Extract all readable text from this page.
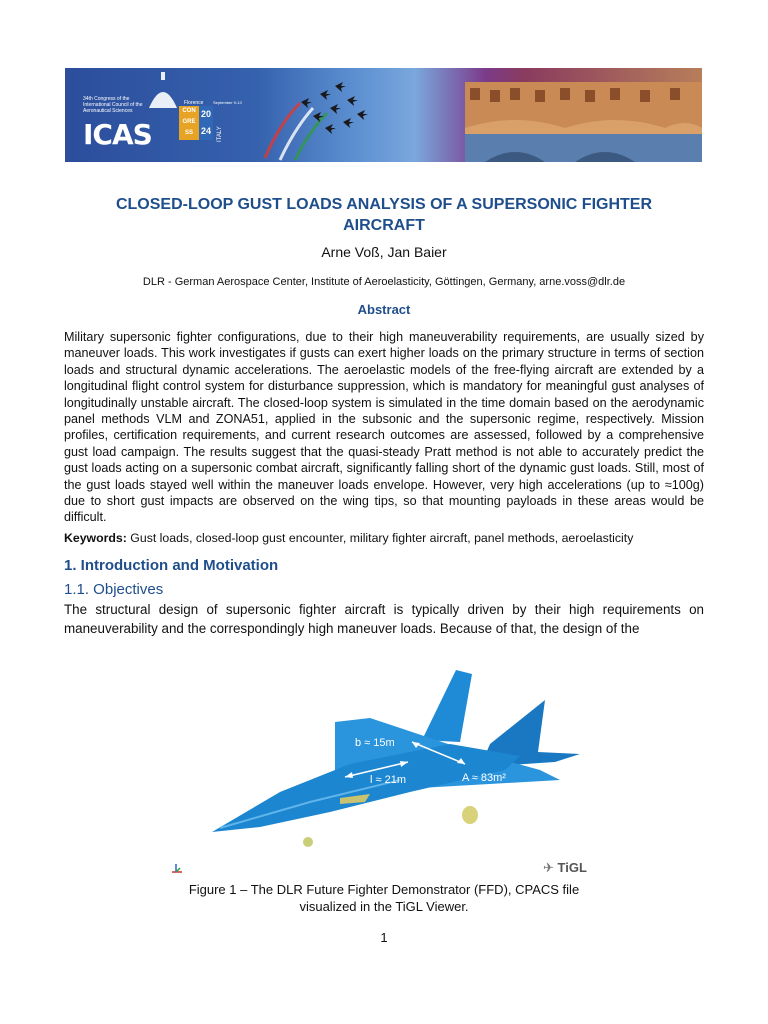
34th Congress of the International Council of the Aeronautical Sciences
ICAS
Florence September 9-13
CON
GRE
SS
20
24	ITALY
CLOSED-LOOP GUST LOADS ANALYSIS OF A SUPERSONIC FIGHTER
AIRCRAFT
Arne Voß, Jan Baier
DLR - German Aerospace Center, Institute of Aeroelasticity, Göttingen, Germany, arne.voss@dlr.de
Abstract
Military supersonic fighter configurations, due to their high maneuverability requirements, are usually sized by maneuver loads. This work investigates if gusts can exert higher loads on the primary structure in terms of section loads and structural dynamic accelerations. The aeroelastic models of the free-flying aircraft are extended by a longitudinal flight control system for disturbance suppression, which is mandatory for meaningful gust analyses of longitudinally unstable aircraft. The closed-loop system is simulated in the time domain based on the aerodynamic panel methods VLM and ZONA51, applied in the subsonic and the supersonic regime, respectively. Mission profiles, certification requirements, and current research outcomes are assessed, followed by a comprehensive gust load campaign. The results suggest that the quasi-steady Pratt method is not able to accurately predict the gust loads acting on a supersonic combat aircraft, significantly falling short of the dynamic gust loads. Still, most of the gust loads stayed well within the maneuver loads envelope. However, very high accelerations (up to ≈100g) due to short gust impacts are observed on the wing tips, so that mounting payloads in these areas would be difficult.
Keywords: Gust loads, closed-loop gust encounter, military fighter aircraft, panel methods, aeroelasticity
1. Introduction and Motivation
1.1. Objectives
The structural design of supersonic fighter aircraft is typically driven by their high requirements on maneuverability and the correspondingly high maneuver loads. Because of that, the design of the
b ≈ 15m
l ≈ 21m	A ≈ 83m²
✈ TiGL
Figure 1 – The DLR Future Fighter Demonstrator (FFD), CPACS file
visualized in the TiGL Viewer.
1
